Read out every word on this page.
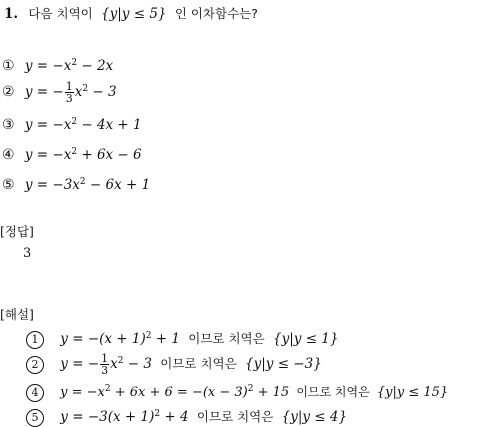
1. 다음 치역이 {y|y ≤ 5} 인 이차함수는?
① $y = -x^2 - 2x$
② y = − $\frac{1}{3} x^2 - 3$
③ $y = -x^2 - 4x + 1$
④ $y = -x^2 + 6x - 6$
⑤ $y = -3x^2 - 6x + 1$
[정답]
3
[해설]
1 $y = -(x + 1)^2 + 1$ 이므로 치역은 {y|y ≤ 1}
2 y = − $\frac{1}{3} x^2 - 3$ 이므로 치역은 {y|y ≤ −3}
4 $y = -x^2 + 6x + 6 = -(x - 3)^2 + 15$ 이므로 치역은 {y|y ≤ 15}
5 $y = -3(x + 1)^2 + 4$ 이므로 치역은 {y|y ≤ 4}
